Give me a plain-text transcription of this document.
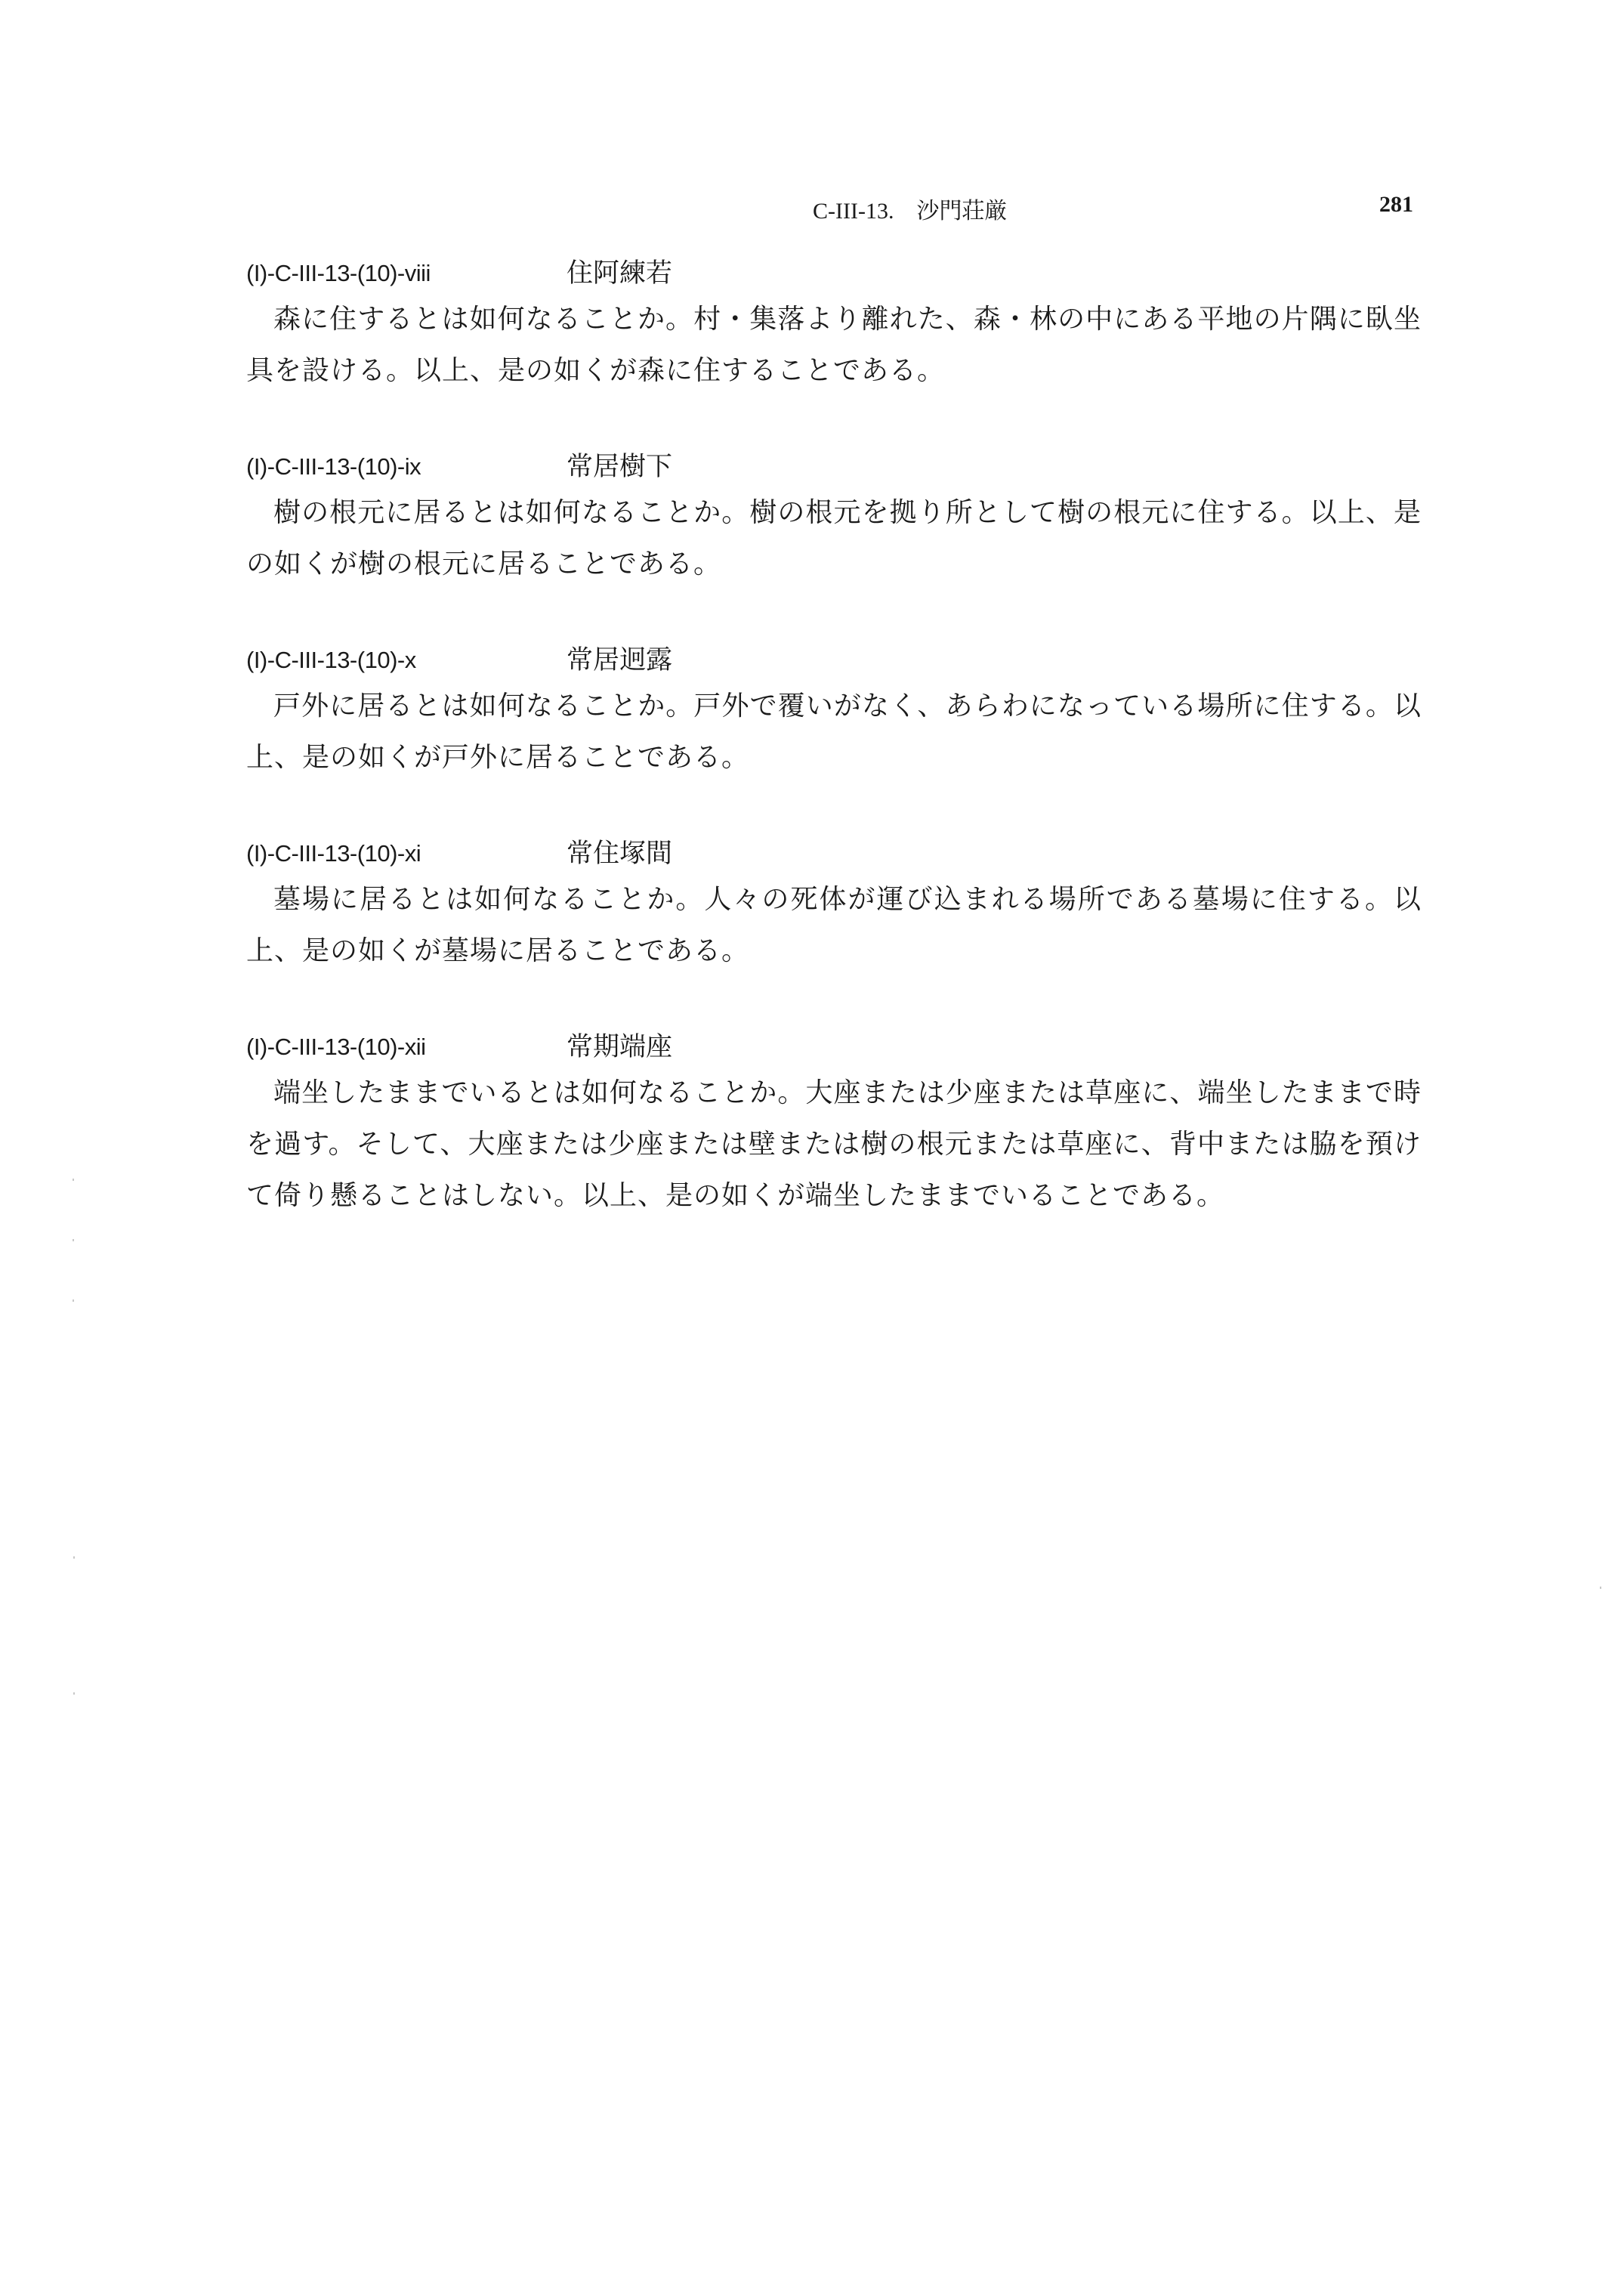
C-III-13.　沙門荘厳	281
(I)-C-III-13-(10)-viii	住阿練若

森に住するとは如何なることか。村・集落より離れた、森・林の中にある平地の片隅に臥坐具を設ける。以上、是の如くが森に住することである。

(I)-C-III-13-(10)-ix	常居樹下

樹の根元に居るとは如何なることか。樹の根元を拠り所として樹の根元に住する。以上、是の如くが樹の根元に居ることである。

(I)-C-III-13-(10)-x	常居迥露

戸外に居るとは如何なることか。戸外で覆いがなく、あらわになっている場所に住する。以上、是の如くが戸外に居ることである。

(I)-C-III-13-(10)-xi	常住塚間

墓場に居るとは如何なることか。人々の死体が運び込まれる場所である墓場に住する。以上、是の如くが墓場に居ることである。

(I)-C-III-13-(10)-xii	常期端座

端坐したままでいるとは如何なることか。大座または少座または草座に、端坐したままで時を過す。そして、大座または少座または壁または樹の根元または草座に、背中または脇を預けて倚り懸ることはしない。以上、是の如くが端坐したままでいることである。
